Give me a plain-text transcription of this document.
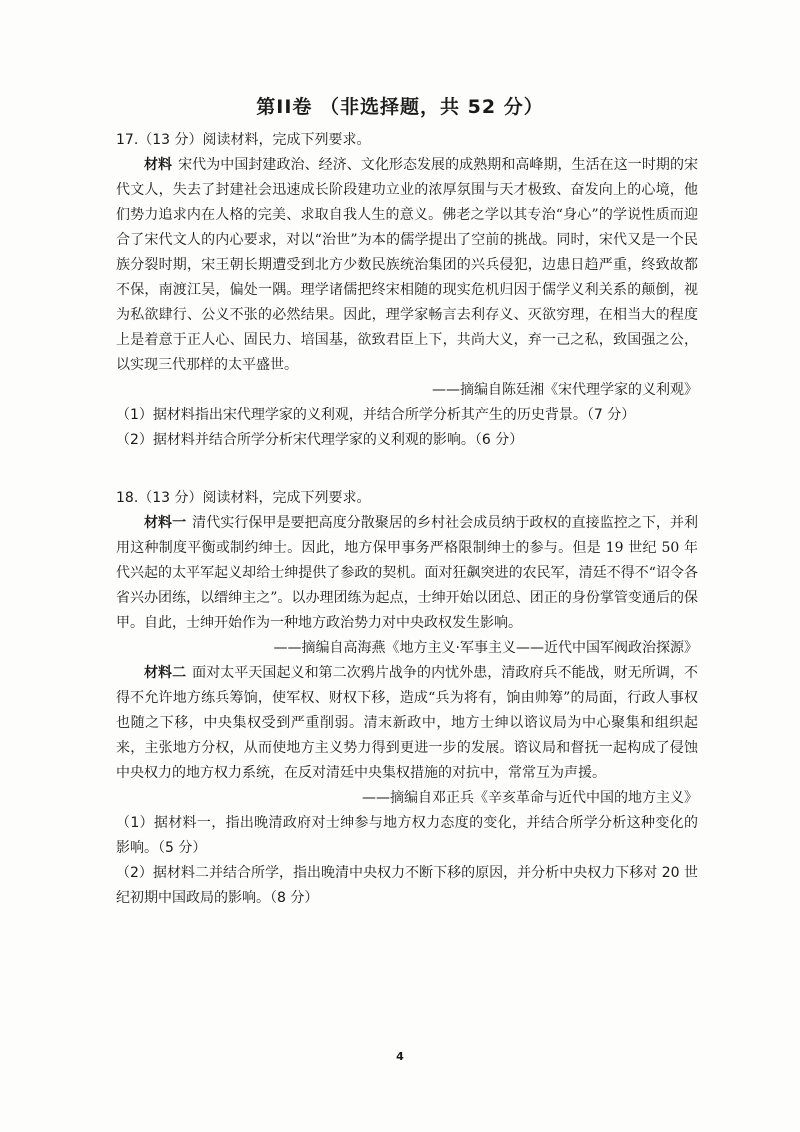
第II卷 （非选择题，共 52 分）
17.（13 分）阅读材料，完成下列要求。
材料 宋代为中国封建政治、经济、文化形态发展的成熟期和高峰期，生活在这一时期的宋代文人，失去了封建社会迅速成长阶段建功立业的浓厚氛围与天才极致、奋发向上的心境，他们势力追求内在人格的完美、求取自我人生的意义。佛老之学以其专治“身心”的学说性质而迎合了宋代文人的内心要求，对以“治世”为本的儒学提出了空前的挑战。同时，宋代又是一个民族分裂时期，宋王朝长期遭受到北方少数民族统治集团的兴兵侵犯，边患日趋严重，终致故都不保，南渡江吴，偏处一隅。理学诸儒把终宋相随的现实危机归因于儒学义利关系的颠倒，视为私欲肆行、公义不张的必然结果。因此，理学家畅言去利存义、灭欲穷理，在相当大的程度上是着意于正人心、固民力、培国基，欲致君臣上下，共尚大义，弃一己之私，致国强之公，以实现三代那样的太平盛世。
——摘编自陈廷湘《宋代理学家的义利观》
（1）据材料指出宋代理学家的义利观，并结合所学分析其产生的历史背景。（7 分）
（2）据材料并结合所学分析宋代理学家的义利观的影响。（6 分）
18.（13 分）阅读材料，完成下列要求。
材料一 清代实行保甲是要把高度分散聚居的乡村社会成员纳于政权的直接监控之下，并利用这种制度平衡或制约绅士。因此，地方保甲事务严格限制绅士的参与。但是 19 世纪 50 年代兴起的太平军起义却给士绅提供了参政的契机。面对狂飙突进的农民军，清廷不得不“诏令各省兴办团练，以缙绅主之”。以办理团练为起点，士绅开始以团总、团正的身份掌管变通后的保甲。自此，士绅开始作为一种地方政治势力对中央政权发生影响。
——摘编自高海燕《地方主义·军事主义——近代中国军阀政治探源》
材料二 面对太平天国起义和第二次鸦片战争的内忧外患，清政府兵不能战，财无所调，不得不允许地方练兵筹饷，使军权、财权下移，造成“兵为将有，饷由帅筹”的局面，行政人事权也随之下移，中央集权受到严重削弱。清末新政中，地方士绅以谘议局为中心聚集和组织起来，主张地方分权，从而使地方主义势力得到更进一步的发展。谘议局和督抚一起构成了侵蚀中央权力的地方权力系统，在反对清廷中央集权措施的对抗中，常常互为声援。
——摘编自邓正兵《辛亥革命与近代中国的地方主义》
（1）据材料一，指出晚清政府对士绅参与地方权力态度的变化，并结合所学分析这种变化的影响。（5 分）
（2）据材料二并结合所学，指出晚清中央权力不断下移的原因，并分析中央权力下移对 20 世纪初期中国政局的影响。（8 分）
4
